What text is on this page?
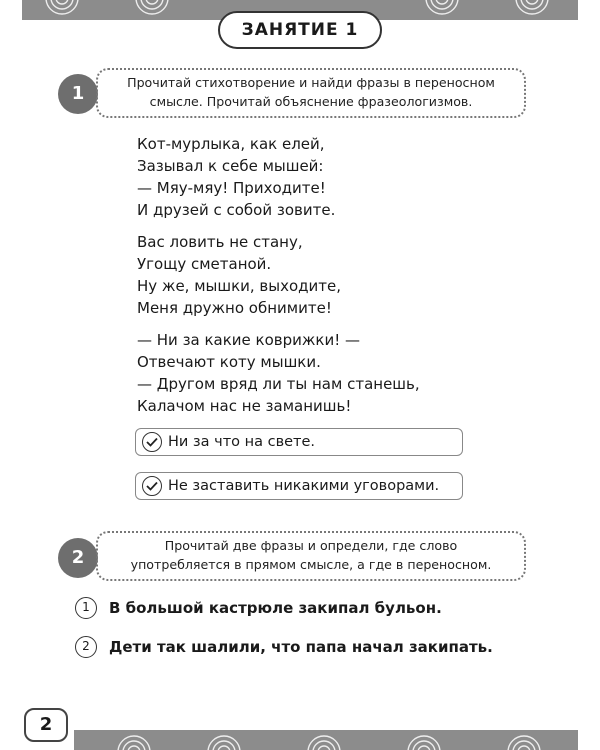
ЗАНЯТИЕ 1
1
Прочитай стихотворение и найди фразы в переносном
смысле. Прочитай объяснение фразеологизмов.
Кот-мурлыка, как елей,
Зазывал к себе мышей:
— Мяу-мяу! Приходите!
И друзей с собой зовите.
Вас ловить не стану,
Угощу сметаной.
Ну же, мышки, выходите,
Меня дружно обнимите!
— Ни за какие коврижки! —
Отвечают коту мышки.
— Другом вряд ли ты нам станешь,
Калачом нас не заманишь!
Ни за что на свете.
Не заставить никакими уговорами.
2
Прочитай две фразы и определи, где слово
употребляется в прямом смысле, а где в переносном.
1	В большой кастрюле закипал бульон.
2	Дети так шалили, что папа начал закипать.
2
